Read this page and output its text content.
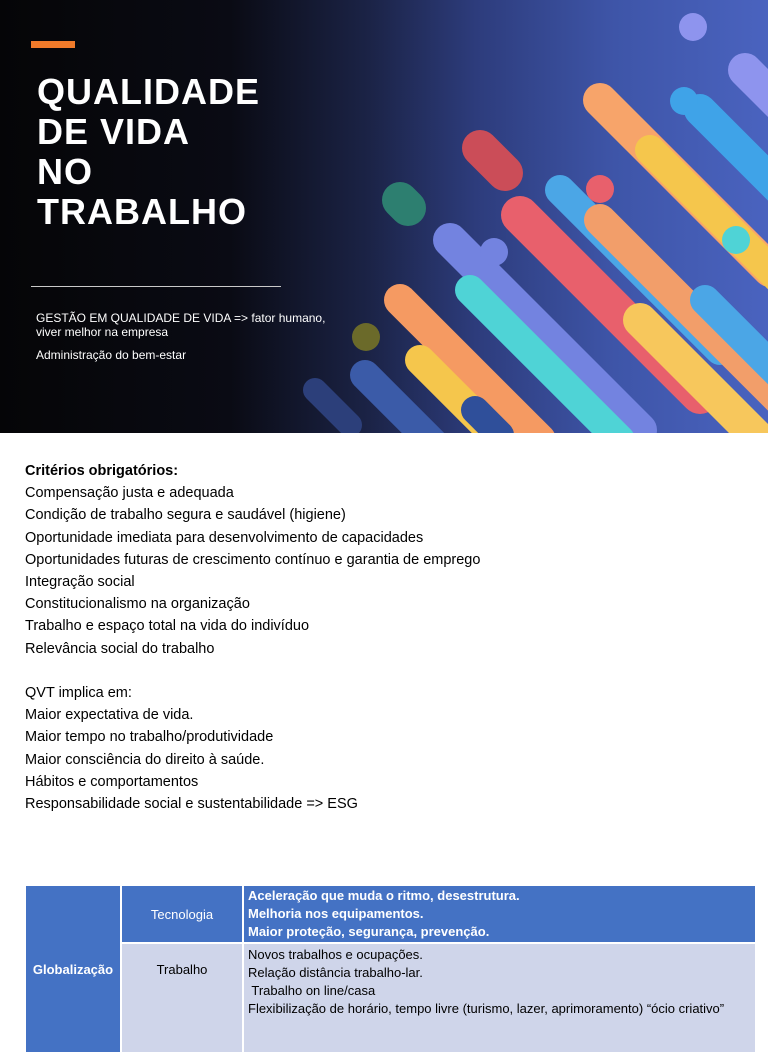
QUALIDADE
DE VIDA
NO
TRABALHO
GESTÃO EM QUALIDADE DE VIDA => fator humano, viver melhor na empresa
Administração do bem-estar

Critérios obrigatórios:

Compensação justa e adequada

Condição de trabalho segura e saudável (higiene)

Oportunidade imediata para desenvolvimento de capacidades

Oportunidades futuras de crescimento contínuo e garantia de emprego

Integração social

Constitucionalismo na organização

Trabalho e espaço total na vida do indivíduo

Relevância social do trabalho

QVT implica em:

Maior expectativa de vida.

Maior tempo no trabalho/produtividade

Maior consciência do direito à saúde.

Hábitos e comportamentos

Responsabilidade social e sustentabilidade => ESG

Globalização	Tecnologia	Aceleração que muda o ritmo, desestrutura.
Melhoria nos equipamentos.
Maior proteção, segurança, prevenção.

	Trabalho	Novos trabalhos e ocupações.
Relação distância trabalho-lar.
Trabalho on line/casa
Flexibilização de horário, tempo livre (turismo, lazer, aprimoramento) “ócio criativo”
